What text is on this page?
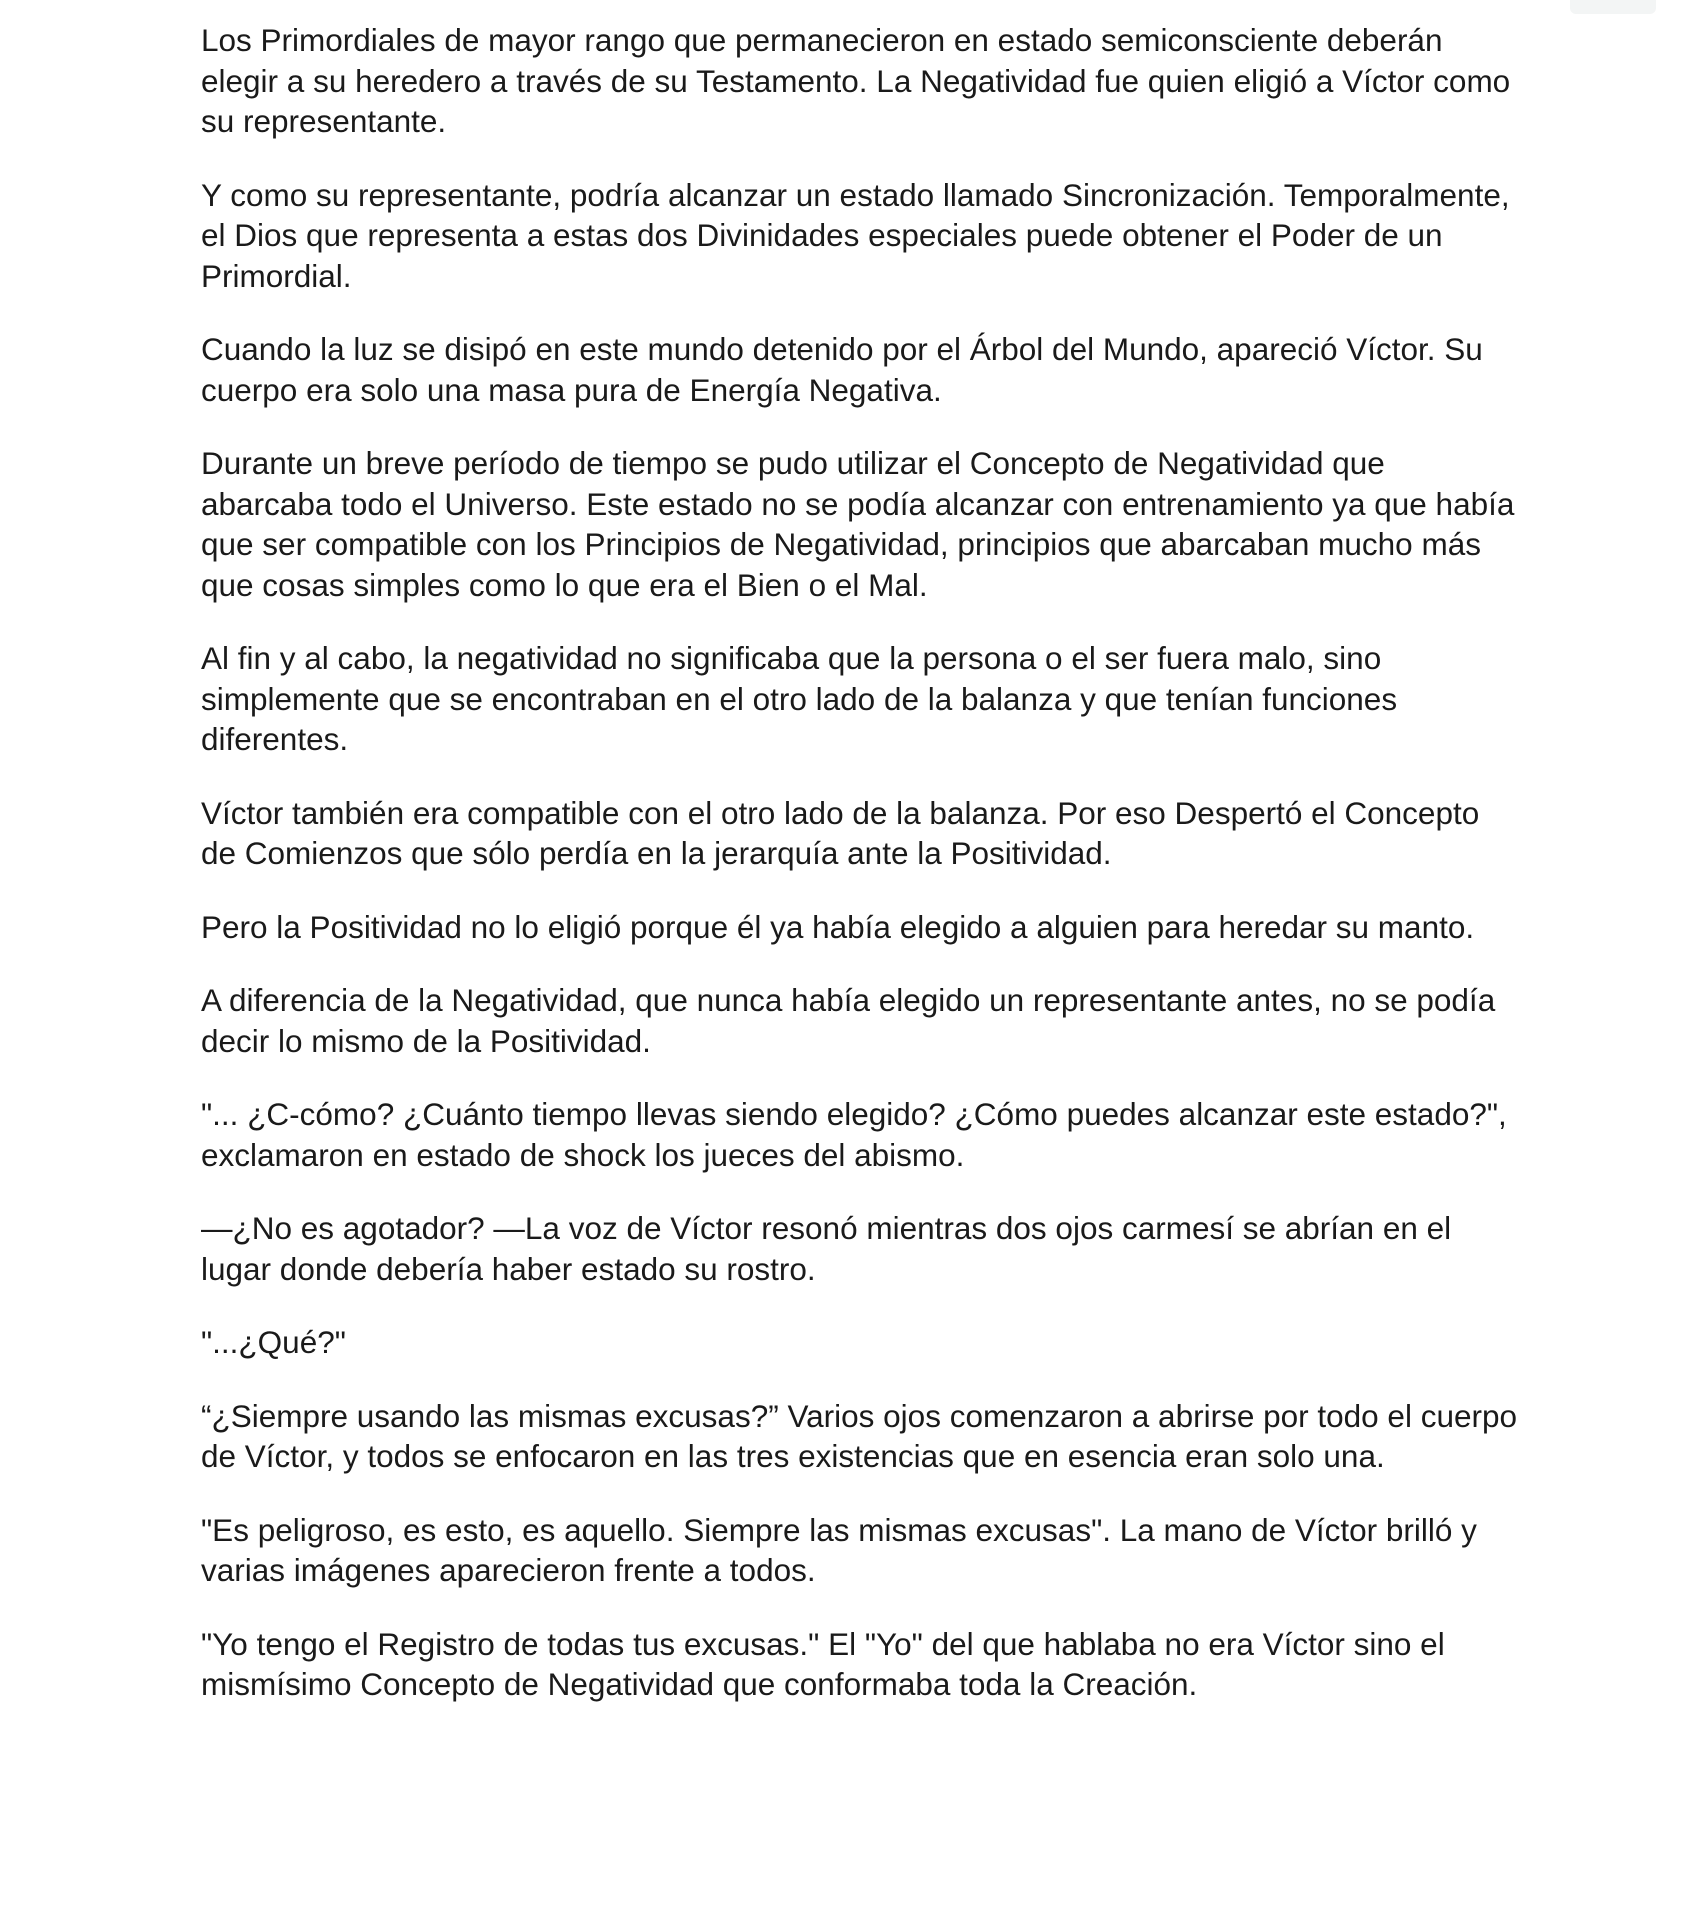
Los Primordiales de mayor rango que permanecieron en estado semiconsciente deberán elegir a su heredero a través de su Testamento. La Negatividad fue quien eligió a Víctor como su representante.

Y como su representante, podría alcanzar un estado llamado Sincronización. Temporalmente, el Dios que representa a estas dos Divinidades especiales puede obtener el Poder de un Primordial.

Cuando la luz se disipó en este mundo detenido por el Árbol del Mundo, apareció Víctor. Su cuerpo era solo una masa pura de Energía Negativa.

Durante un breve período de tiempo se pudo utilizar el Concepto de Negatividad que abarcaba todo el Universo. Este estado no se podía alcanzar con entrenamiento ya que había que ser compatible con los Principios de Negatividad, principios que abarcaban mucho más que cosas simples como lo que era el Bien o el Mal.

Al fin y al cabo, la negatividad no significaba que la persona o el ser fuera malo, sino simplemente que se encontraban en el otro lado de la balanza y que tenían funciones diferentes.

Víctor también era compatible con el otro lado de la balanza. Por eso Despertó el Concepto de Comienzos que sólo perdía en la jerarquía ante la Positividad.

Pero la Positividad no lo eligió porque él ya había elegido a alguien para heredar su manto.

A diferencia de la Negatividad, que nunca había elegido un representante antes, no se podía decir lo mismo de la Positividad.

"... ¿C-cómo? ¿Cuánto tiempo llevas siendo elegido? ¿Cómo puedes alcanzar este estado?", exclamaron en estado de shock los jueces del abismo.

—¿No es agotador? —La voz de Víctor resonó mientras dos ojos carmesí se abrían en el lugar donde debería haber estado su rostro.

"...¿Qué?"

“¿Siempre usando las mismas excusas?” Varios ojos comenzaron a abrirse por todo el cuerpo de Víctor, y todos se enfocaron en las tres existencias que en esencia eran solo una.

"Es peligroso, es esto, es aquello. Siempre las mismas excusas". La mano de Víctor brilló y varias imágenes aparecieron frente a todos.

"Yo tengo el Registro de todas tus excusas." El "Yo" del que hablaba no era Víctor sino el mismísimo Concepto de Negatividad que conformaba toda la Creación.
